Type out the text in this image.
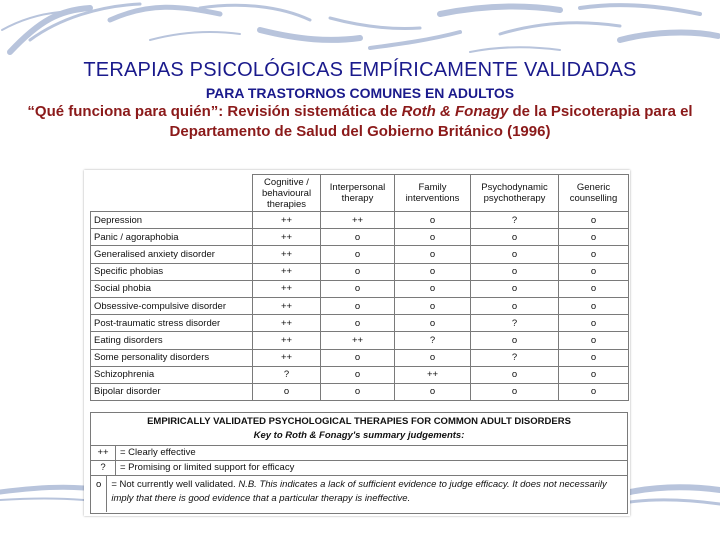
TERAPIAS PSICOLÓGICAS EMPÍRICAMENTE VALIDADAS
PARA TRASTORNOS COMUNES EN ADULTOS
“Qué funciona para quién”: Revisión sistemática de Roth & Fonagy de la Psicoterapia para el Departamento de Salud del Gobierno Británico (1996)
	Cognitive / behavioural therapies	Interpersonal therapy	Family interventions	Psychodynamic psychotherapy	Generic counselling
Depression	++	++	o	?	o
Panic / agoraphobia	++	o	o	o	o
Generalised anxiety disorder	++	o	o	o	o
Specific phobias	++	o	o	o	o
Social phobia	++	o	o	o	o
Obsessive-compulsive disorder	++	o	o	o	o
Post-traumatic stress disorder	++	o	o	?	o
Eating disorders	++	++	?	o	o
Some personality disorders	++	o	o	?	o
Schizophrenia	?	o	++	o	o
Bipolar disorder	o	o	o	o	o
EMPIRICALLY VALIDATED PSYCHOLOGICAL THERAPIES FOR COMMON ADULT DISORDERS
Key to Roth & Fonagy's summary judgements:
++	= Clearly effective
?	= Promising or limited support for efficacy
o	= Not currently well validated. N.B. This indicates a lack of sufficient evidence to judge efficacy. It does not necessarily imply that there is good evidence that a particular therapy is ineffective.
